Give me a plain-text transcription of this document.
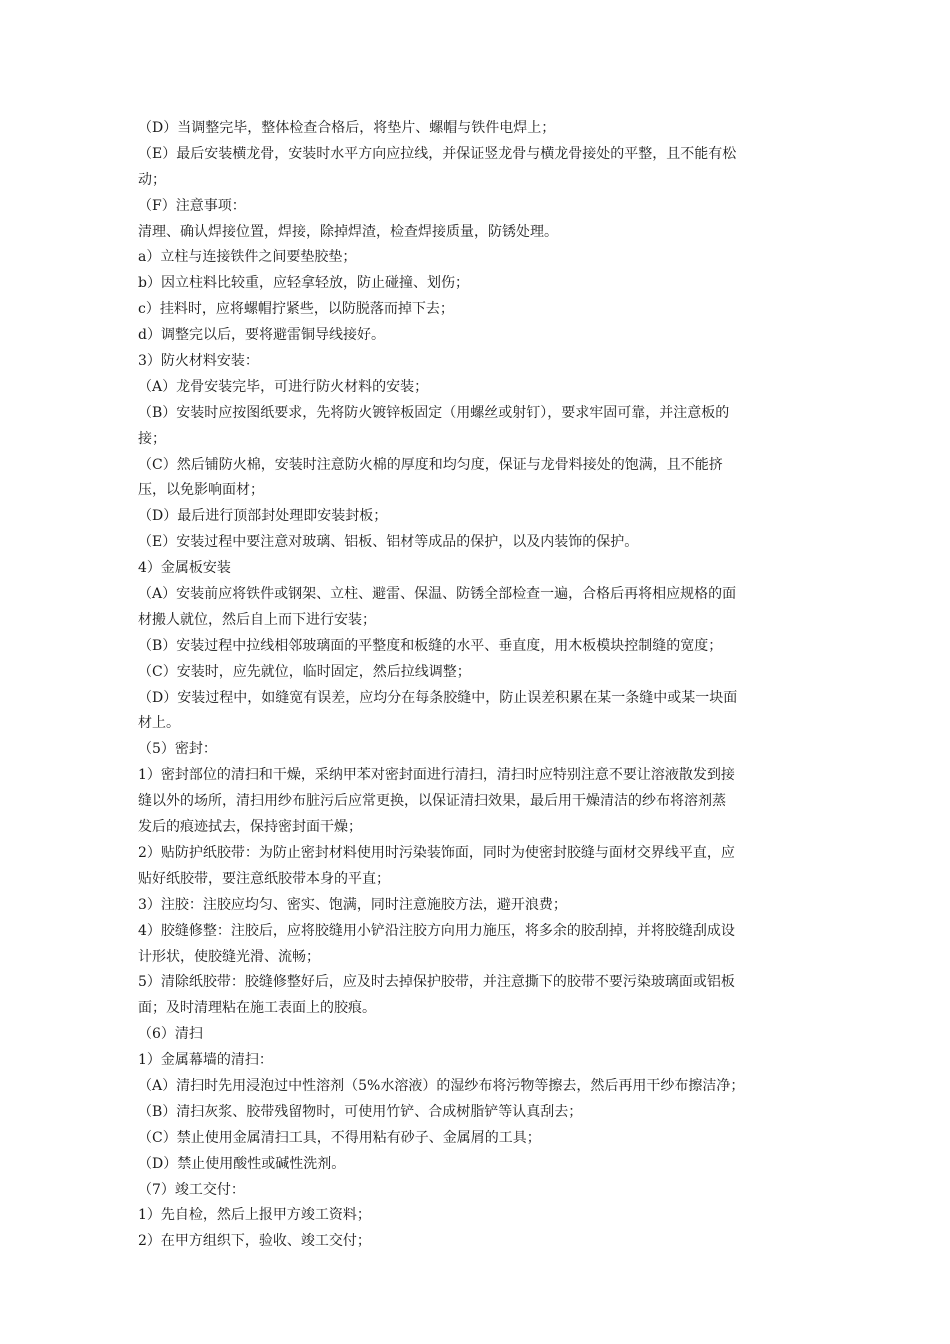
（D）当调整完毕，整体检查合格后，将垫片、螺帽与铁件电焊上；
（E）最后安装横龙骨，安装时水平方向应拉线，并保证竖龙骨与横龙骨接处的平整，且不能有松
动；
（F）注意事项：
清理、确认焊接位置，焊接，除掉焊渣，检查焊接质量，防锈处理。
a）立柱与连接铁件之间要垫胶垫；
b）因立柱料比较重，应轻拿轻放，防止碰撞、划伤；
c）挂料时，应将螺帽拧紧些，以防脱落而掉下去；
d）调整完以后，要将避雷铜导线接好。
3）防火材料安装：
（A）龙骨安装完毕，可进行防火材料的安装；
（B）安装时应按图纸要求，先将防火镀锌板固定（用螺丝或射钉），要求牢固可靠，并注意板的
接；
（C）然后铺防火棉，安装时注意防火棉的厚度和均匀度，保证与龙骨料接处的饱满，且不能挤
压，以免影响面材；
（D）最后进行顶部封处理即安装封板；
（E）安装过程中要注意对玻璃、铝板、铝材等成品的保护，以及内装饰的保护。
4）金属板安装
（A）安装前应将铁件或钢架、立柱、避雷、保温、防锈全部检查一遍，合格后再将相应规格的面
材搬人就位，然后自上而下进行安装；
（B）安装过程中拉线相邻玻璃面的平整度和板缝的水平、垂直度，用木板模块控制缝的宽度；
（C）安装时，应先就位，临时固定，然后拉线调整；
（D）安装过程中，如缝宽有误差，应均分在每条胶缝中，防止误差积累在某一条缝中或某一块面
材上。
（5）密封：
1）密封部位的清扫和干燥，采纳甲苯对密封面进行清扫，清扫时应特别注意不要让溶液散发到接
缝以外的场所，清扫用纱布脏污后应常更换，以保证清扫效果，最后用干燥清洁的纱布将溶剂蒸
发后的痕迹拭去，保持密封面干燥；
2）贴防护纸胶带：为防止密封材料使用时污染装饰面，同时为使密封胶缝与面材交界线平直，应
贴好纸胶带，要注意纸胶带本身的平直；
3）注胶：注胶应均匀、密实、饱满，同时注意施胶方法，避开浪费；
4）胶缝修整：注胶后，应将胶缝用小铲沿注胶方向用力施压，将多余的胶刮掉，并将胶缝刮成设
计形状，使胶缝光滑、流畅；
5）清除纸胶带：胶缝修整好后，应及时去掉保护胶带，并注意撕下的胶带不要污染玻璃面或铝板
面；及时清理粘在施工表面上的胶痕。
（6）清扫
1）金属幕墙的清扫：
（A）清扫时先用浸泡过中性溶剂（5%水溶液）的湿纱布将污物等擦去，然后再用干纱布擦洁净；
（B）清扫灰浆、胶带残留物时，可使用竹铲、合成树脂铲等认真刮去；
（C）禁止使用金属清扫工具，不得用粘有砂子、金属屑的工具；
（D）禁止使用酸性或碱性洗剂。
（7）竣工交付：
1）先自检，然后上报甲方竣工资料；
2）在甲方组织下，验收、竣工交付；
